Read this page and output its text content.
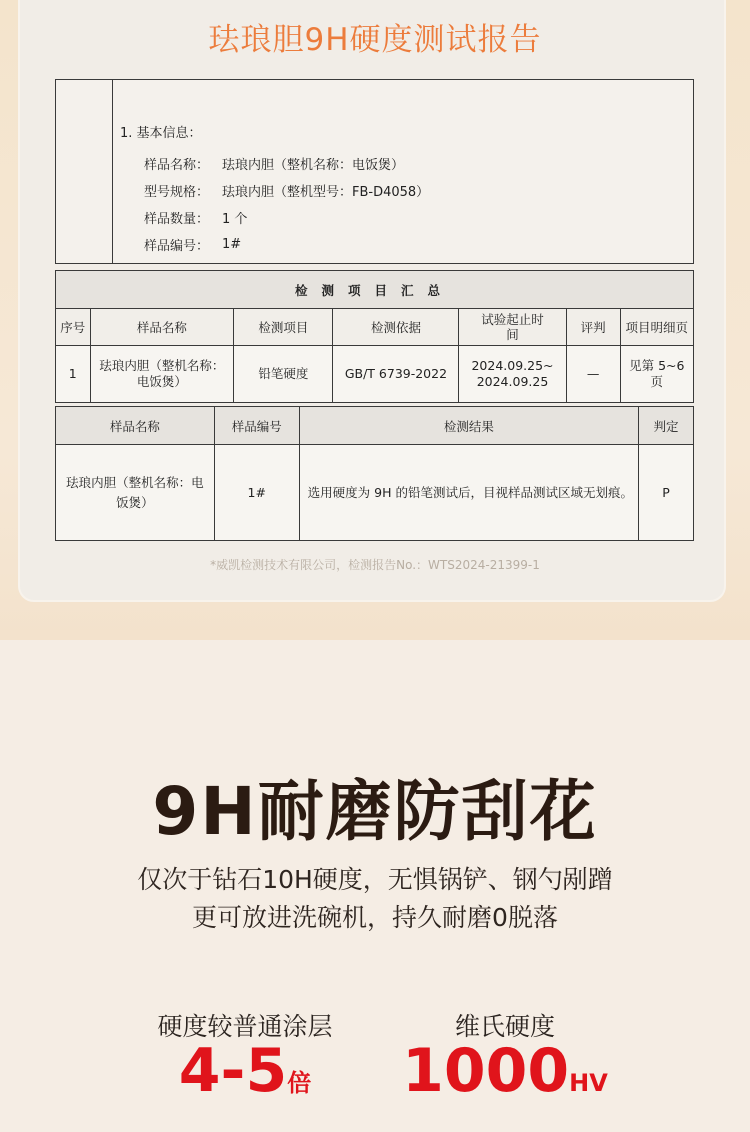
珐琅胆9H硬度测试报告
1. 基本信息：
样品名称： 珐琅内胆（整机名称：电饭煲）
型号规格： 珐琅内胆（整机型号：FB-D4058）
样品数量： 1 个
样品编号： 1#
检测项目汇总						
序号	样品名称	检测项目	检测依据	试验起止时间	评判	项目明细页
1	珐琅内胆（整机名称：电饭煲）	铅笔硬度	GB/T 6739-2022	2024.09.25~ 2024.09.25	—	见第 5~6 页
样品名称	样品编号	检测结果	判定
珐琅内胆（整机名称：电饭煲）	1#	选用硬度为 9H 的铅笔测试后，目视样品测试区域无划痕。	P
*威凯检测技术有限公司，检测报告No.：WTS2024-21399-1
9H耐磨防刮花
仅次于钻石10H硬度，无惧锅铲、钢勺剐蹭
更可放进洗碗机，持久耐磨0脱落
硬度较普通涂层
4-5倍
维氏硬度
1000HV
